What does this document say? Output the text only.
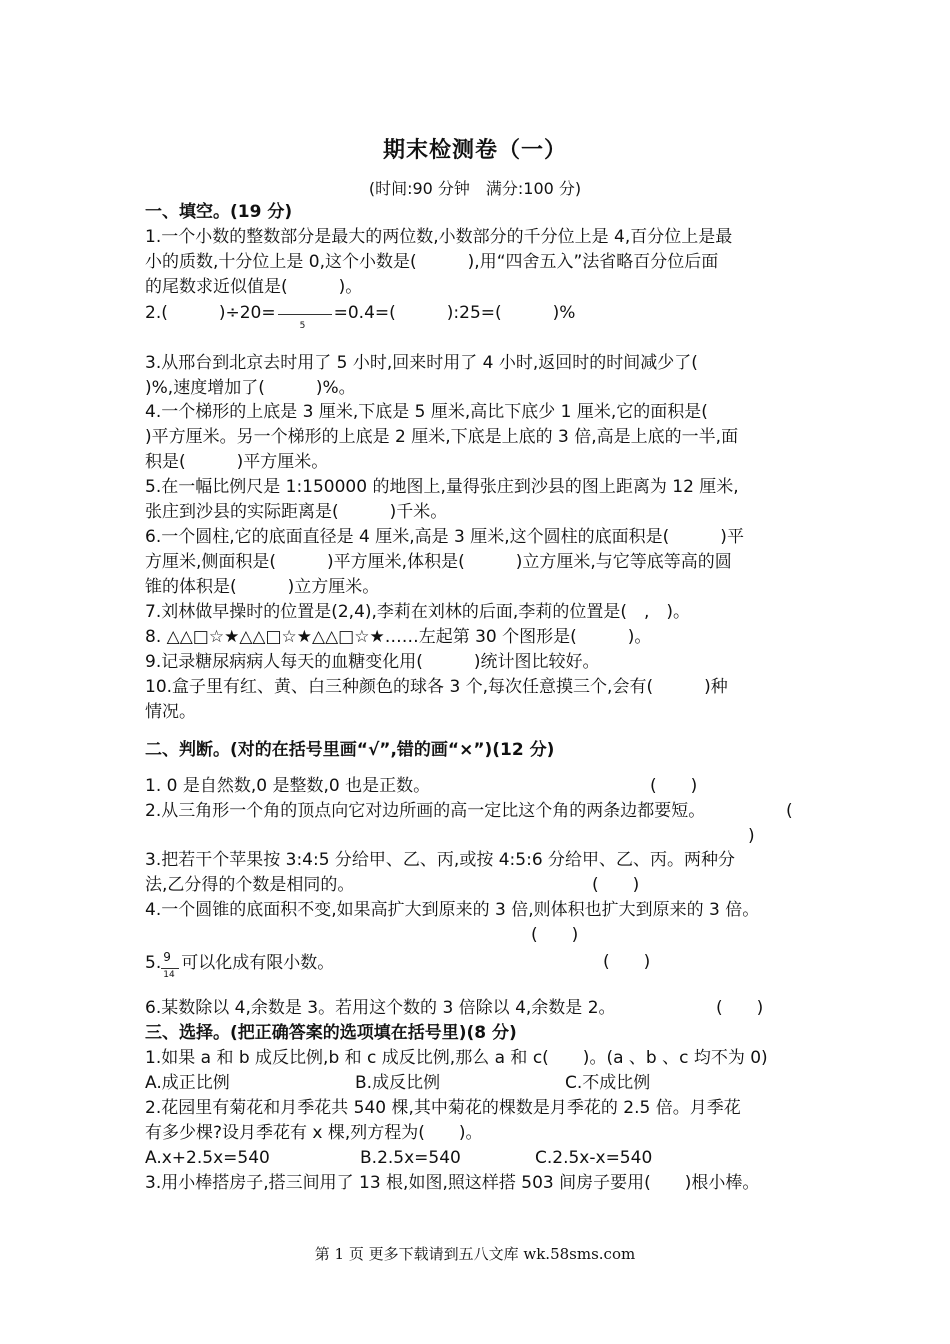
期末检测卷（一）
(时间:90 分钟　满分:100 分)
一、填空。(19 分)
1.一个小数的整数部分是最大的两位数,小数部分的千分位上是 4,百分位上是最
小的质数,十分位上是 0,这个小数是(　　　),用“四舍五入”法省略百分位后面
的尾数求近似值是(　　　)。
2.(　　　)÷20=
5
=0.4=(　　　):25=(　　　)%
3.从邢台到北京去时用了 5 小时,回来时用了 4 小时,返回时的时间减少了(
)%,速度增加了(　　　)%。
4.一个梯形的上底是 3 厘米,下底是 5 厘米,高比下底少 1 厘米,它的面积是(
)平方厘米。另一个梯形的上底是 2 厘米,下底是上底的 3 倍,高是上底的一半,面
积是(　　　)平方厘米。
5.在一幅比例尺是 1:150000 的地图上,量得张庄到沙县的图上距离为 12 厘米,
张庄到沙县的实际距离是(　　　)千米。
6.一个圆柱,它的底面直径是 4 厘米,高是 3 厘米,这个圆柱的底面积是(　　　)平
方厘米,侧面积是(　　　)平方厘米,体积是(　　　)立方厘米,与它等底等高的圆
锥的体积是(　　　)立方厘米。
7.刘林做早操时的位置是(2,4),李莉在刘林的后面,李莉的位置是(　,　)。
8. △△□☆★△△□☆★△△□☆★……左起第 30 个图形是(　　　)。
9.记录糖尿病病人每天的血糖变化用(　　　)统计图比较好。
10.盒子里有红、黄、白三种颜色的球各 3 个,每次任意摸三个,会有(　　　)种
情况。
二、判断。(对的在括号里画“√”,错的画“×”)(12 分)
1. 0 是自然数,0 是整数,0 也是正数。	(　　)
2.从三角形一个角的顶点向它对边所画的高一定比这个角的两条边都要短。	(
)
3.把若干个苹果按 3:4:5 分给甲、乙、丙,或按 4:5:6 分给甲、乙、丙。两种分
法,乙分得的个数是相同的。	(　　)
4.一个圆锥的底面积不变,如果高扩大到原来的 3 倍,则体积也扩大到原来的 3 倍。
(　　)
5. $\frac{9}{14}$ 可以化成有限小数。	(　　)
6.某数除以 4,余数是 3。若用这个数的 3 倍除以 4,余数是 2。	(　　)
三、选择。(把正确答案的选项填在括号里)(8 分)
1.如果 a 和 b 成反比例,b 和 c 成反比例,那么 a 和 c(　　)。(a 、b 、c 均不为 0)
A.成正比例	B.成反比例	C.不成比例
2.花园里有菊花和月季花共 540 棵,其中菊花的棵数是月季花的 2.5 倍。月季花
有多少棵?设月季花有 x 棵,列方程为(　　)。
A.x+2.5x=540	B.2.5x=540	C.2.5x-x=540
3.用小棒搭房子,搭三间用了 13 根,如图,照这样搭 503 间房子要用(　　)根小棒。
第 1 页 更多下载请到五八文库 wk.58sms.com
